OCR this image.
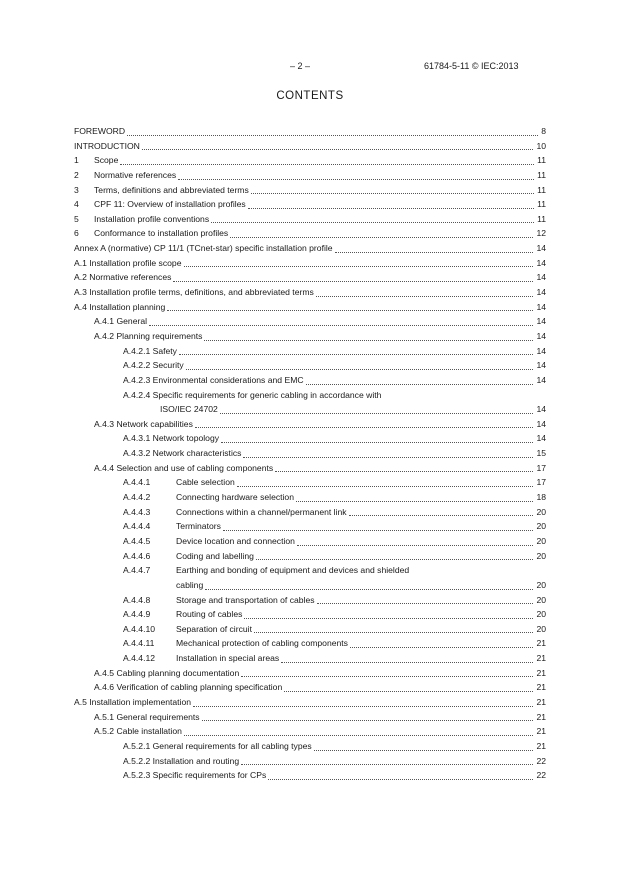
– 2 –	61784-5-11 © IEC:2013
CONTENTS
FOREWORD	8
INTRODUCTION	10
1 Scope	11
2 Normative references	11
3 Terms, definitions and abbreviated terms	11
4 CPF 11: Overview of installation profiles	11
5 Installation profile conventions	11
6 Conformance to installation profiles	12
Annex A (normative) CP 11/1 (TCnet-star) specific installation profile	14
A.1 Installation profile scope	14
A.2 Normative references	14
A.3 Installation profile terms, definitions, and abbreviated terms	14
A.4 Installation planning	14
A.4.1 General	14
A.4.2 Planning requirements	14
A.4.2.1 Safety	14
A.4.2.2 Security	14
A.4.2.3 Environmental considerations and EMC	14
A.4.2.4 Specific requirements for generic cabling in accordance with
ISO/IEC 24702	14
A.4.3 Network capabilities	14
A.4.3.1 Network topology	14
A.4.3.2 Network characteristics	15
A.4.4 Selection and use of cabling components	17
A.4.4.1	Cable selection	17
A.4.4.2	Connecting hardware selection	18
A.4.4.3	Connections within a channel/permanent link	20
A.4.4.4	Terminators	20
A.4.4.5	Device location and connection	20
A.4.4.6	Coding and labelling	20
A.4.4.7	Earthing and bonding of equipment and devices and shielded
cabling	20
A.4.4.8	Storage and transportation of cables	20
A.4.4.9	Routing of cables	20
A.4.4.10 Separation of circuit	20
A.4.4.11	Mechanical protection of cabling components	21
A.4.4.12 Installation in special areas	21
A.4.5 Cabling planning documentation	21
A.4.6 Verification of cabling planning specification	21
A.5 Installation implementation	21
A.5.1 General requirements	21
A.5.2 Cable installation	21
A.5.2.1 General requirements for all cabling types	21
A.5.2.2 Installation and routing	22
A.5.2.3 Specific requirements for CPs	22
